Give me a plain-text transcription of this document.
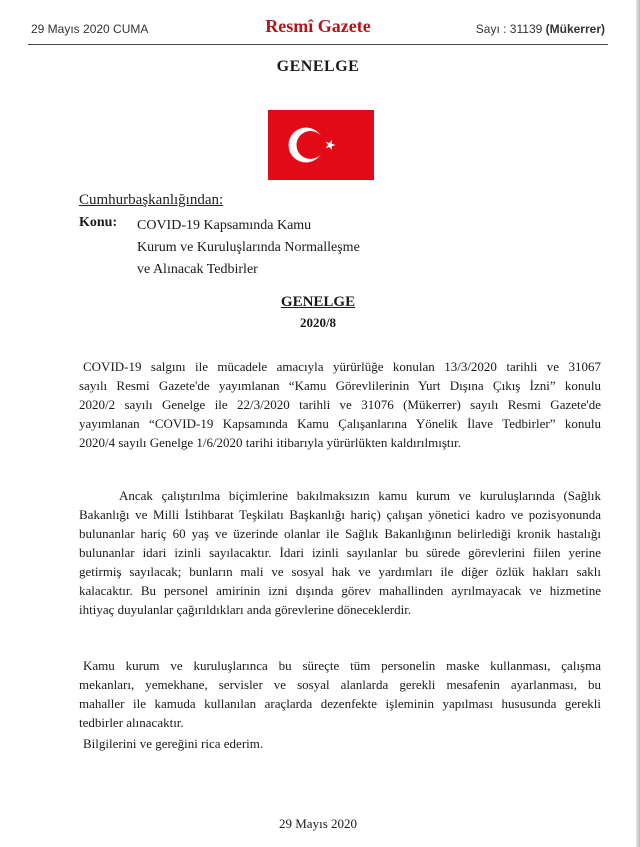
29 Mayıs 2020 CUMA	Resmî Gazete	Sayı : 31139 (Mükerrer)
GENELGE
Cumhurbaşkanlığından:
Konu: COVID-19 Kapsamında Kamu
Kurum ve Kuruluşlarında Normalleşme
ve Alınacak Tedbirler
GENELGE
2020/8
COVID-19 salgını ile mücadele amacıyla yürürlüğe konulan 13/3/2020 tarihli ve 31067
sayılı Resmi Gazete'de yayımlanan “Kamu Görevlilerinin Yurt Dışına Çıkış İzni” konulu
2020/2 sayılı Genelge ile 22/3/2020 tarihli ve 31076 (Mükerrer) sayılı Resmi Gazete'de
yayımlanan “COVID-19 Kapsamında Kamu Çalışanlarına Yönelik İlave Tedbirler” konulu
2020/4 sayılı Genelge 1/6/2020 tarihi itibarıyla yürürlükten kaldırılmıştır.
Ancak çalıştırılma biçimlerine bakılmaksızın kamu kurum ve kuruluşlarında (Sağlık
Bakanlığı ve Milli İstihbarat Teşkilatı Başkanlığı hariç) çalışan yönetici kadro ve pozisyonunda
bulunanlar hariç 60 yaş ve üzerinde olanlar ile Sağlık Bakanlığının belirlediği kronik hastalığı
bulunanlar idari izinli sayılacaktır. İdari izinli sayılanlar bu sürede görevlerini fiilen yerine
getirmiş sayılacak; bunların mali ve sosyal hak ve yardımları ile diğer özlük hakları saklı
kalacaktır. Bu personel amirinin izni dışında görev mahallinden ayrılmayacak ve hizmetine
ihtiyaç duyulanlar çağırıldıkları anda görevlerine döneceklerdir.
Kamu kurum ve kuruluşlarınca bu süreçte tüm personelin maske kullanması, çalışma
mekanları, yemekhane, servisler ve sosyal alanlarda gerekli mesafenin ayarlanması, bu
mahaller ile kamuda kullanılan araçlarda dezenfekte işleminin yapılması hususunda gerekli
tedbirler alınacaktır.
Bilgilerini ve gereğini rica ederim.
29 Mayıs 2020
